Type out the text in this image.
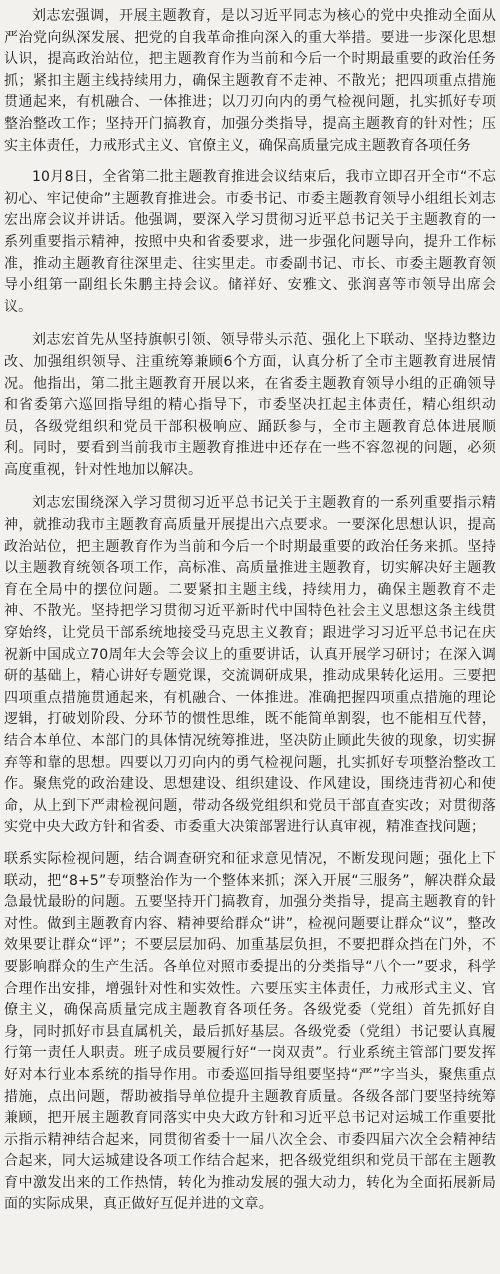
刘志宏强调，开展主题教育，是以习近平同志为核心的党中央推动全面从严治党向纵深发展、把党的自我革命推向深入的重大举措。要进一步深化思想认识，提高政治站位，把主题教育作为当前和今后一个时期最重要的政治任务抓；紧扣主题主线持续用力，确保主题教育不走神、不散光；把四项重点措施贯通起来，有机融合、一体推进；以刀刃向内的勇气检视问题，扎实抓好专项整治整改工作；坚持开门搞教育，加强分类指导，提高主题教育的针对性；压实主体责任，力戒形式主义、官僚主义，确保高质量完成主题教育各项任务

10月8日，全省第二批主题教育推进会议结束后，我市立即召开全市“不忘初心、牢记使命”主题教育推进会。市委书记、市委主题教育领导小组组长刘志宏出席会议并讲话。他强调，要深入学习贯彻习近平总书记关于主题教育的一系列重要指示精神，按照中央和省委要求，进一步强化问题导向，提升工作标准，推动主题教育往深里走、往实里走。市委副书记、市长、市委主题教育领导小组第一副组长朱鹏主持会议。储祥好、安雅文、张润喜等市领导出席会议。

刘志宏首先从坚持旗帜引领、领导带头示范、强化上下联动、坚持边整边改、加强组织领导、注重统筹兼顾6个方面，认真分析了全市主题教育进展情况。他指出，第二批主题教育开展以来，在省委主题教育领导小组的正确领导和省委第六巡回指导组的精心指导下，市委坚决扛起主体责任，精心组织动员，各级党组织和党员干部积极响应、踊跃参与，全市主题教育总体进展顺利。同时，要看到当前我市主题教育推进中还存在一些不容忽视的问题，必须高度重视，针对性地加以解决。

刘志宏围绕深入学习贯彻习近平总书记关于主题教育的一系列重要指示精神，就推动我市主题教育高质量开展提出六点要求。一要深化思想认识，提高政治站位，把主题教育作为当前和今后一个时期最重要的政治任务来抓。坚持以主题教育统领各项工作，高标准、高质量推进主题教育，切实解决好主题教育在全局中的摆位问题。二要紧扣主题主线，持续用力，确保主题教育不走神、不散光。坚持把学习贯彻习近平新时代中国特色社会主义思想这条主线贯穿始终，让党员干部系统地接受马克思主义教育；跟进学习习近平总书记在庆祝新中国成立70周年大会等会议上的重要讲话，认真开展学习研讨；在深入调研的基础上，精心讲好专题党课，交流调研成果，推动成果转化运用。三要把四项重点措施贯通起来，有机融合、一体推进。准确把握四项重点措施的理论逻辑，打破划阶段、分环节的惯性思维，既不能简单割裂，也不能相互代替，结合本单位、本部门的具体情况统筹推进，坚决防止顾此失彼的现象，切实摒弃等和靠的思想。四要以刀刃向内的勇气检视问题，扎实抓好专项整治整改工作。聚焦党的政治建设、思想建设、组织建设、作风建设，围绕违背初心和使命，从上到下严肃检视问题，带动各级党组织和党员干部直查实改；对贯彻落实党中央大政方针和省委、市委重大决策部署进行认真审视，精准查找问题；

联系实际检视问题，结合调查研究和征求意见情况，不断发现问题；强化上下联动，把“8+5”专项整治作为一个整体来抓；深入开展“三服务”，解决群众最急最忧最盼的问题。五要坚持开门搞教育，加强分类指导，提高主题教育的针对性。做到主题教育内容、精神要给群众“讲”，检视问题要让群众“议”，整改效果要让群众“评”；不要层层加码、加重基层负担，不要把群众挡在门外，不要影响群众的生产生活。各单位对照市委提出的分类指导“八个一”要求，科学合理作出安排，增强针对性和实效性。六要压实主体责任，力戒形式主义、官僚主义，确保高质量完成主题教育各项任务。各级党委（党组）首先抓好自身，同时抓好市县直属机关，最后抓好基层。各级党委（党组）书记要认真履行第一责任人职责。班子成员要履行好“一岗双责”。行业系统主管部门要发挥好对本行业本系统的指导作用。市委巡回指导组要坚持“严”字当头，聚焦重点措施，点出问题，帮助被指导单位提升主题教育质量。各级各部门要坚持统筹兼顾，把开展主题教育同落实中央大政方针和习近平总书记对运城工作重要批示指示精神结合起来，同贯彻省委十一届八次全会、市委四届六次全会精神结合起来，同大运城建设各项工作结合起来，把各级党组织和党员干部在主题教育中激发出来的工作热情，转化为推动发展的强大动力，转化为全面拓展新局面的实际成果，真正做好互促并进的文章。
